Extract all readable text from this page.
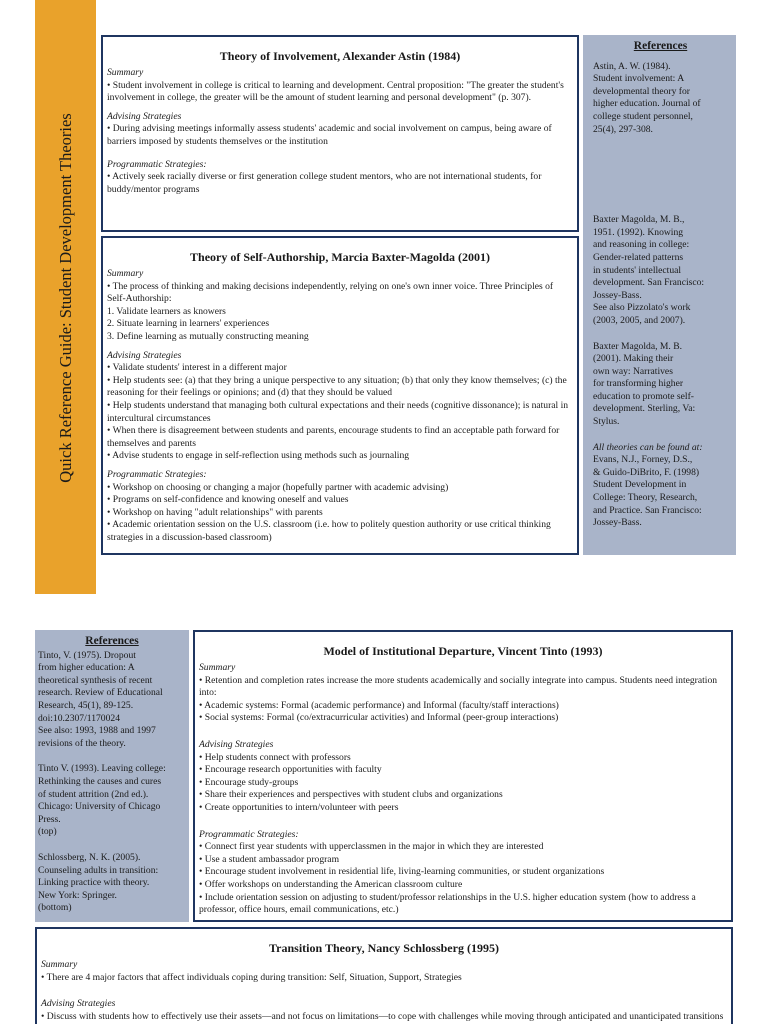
Quick Reference Guide: Student Development Theories
Theory of Involvement, Alexander Astin (1984)
Summary
• Student involvement in college is critical to learning and development. Central proposition: "The greater the student's involvement in college, the greater will be the amount of student learning and personal development" (p. 307).
Advising Strategies
• During advising meetings informally assess students' academic and social involvement on campus, being aware of barriers imposed by students themselves or the institution
Programmatic Strategies:
• Actively seek racially diverse or first generation college student mentors, who are not international students, for buddy/mentor programs
Theory of Self-Authorship, Marcia Baxter-Magolda (2001)
Summary
• The process of thinking and making decisions independently, relying on one's own inner voice. Three Principles of Self-Authorship:
1. Validate learners as knowers
2. Situate learning in learners' experiences
3. Define learning as mutually constructing meaning
Advising Strategies
• Validate students' interest in a different major
• Help students see: (a) that they bring a unique perspective to any situation; (b) that only they know themselves; (c) the reasoning for their feelings or opinions; and (d) that they should be valued
• Help students understand that managing both cultural expectations and their needs (cognitive dissonance); is natural in intercultural circumstances
• When there is disagreement between students and parents, encourage students to find an acceptable path forward for themselves and parents
• Advise students to engage in self-reflection using methods such as journaling
Programmatic Strategies:
• Workshop on choosing or changing a major (hopefully partner with academic advising)
• Programs on self-confidence and knowing oneself and values
• Workshop on having "adult relationships" with parents
• Academic orientation session on the U.S. classroom (i.e. how to politely question authority or use critical thinking strategies in a discussion-based classroom)
References
Astin, A. W. (1984).
Student involvement: A
developmental theory for
higher education. Journal of
college student personnel,
25(4), 297-308.
Baxter Magolda, M. B.,
1951. (1992). Knowing
and reasoning in college:
Gender-related patterns
in students' intellectual
development. San Francisco:
Jossey-Bass.
See also Pizzolato's work
(2003, 2005, and 2007).
Baxter Magolda, M. B.
(2001). Making their
own way: Narratives
for transforming higher
education to promote self-
development. Sterling, Va:
Stylus.
All theories can be found at:
Evans, N.J., Forney, D.S.,
& Guido-DiBrito, F. (1998)
Student Development in
College: Theory, Research,
and Practice. San Francisco:
Jossey-Bass.
References
Tinto, V. (1975). Dropout
from higher education: A
theoretical synthesis of recent
research. Review of Educational
Research, 45(1), 89-125.
doi:10.2307/1170024
See also: 1993, 1988 and 1997
revisions of the theory.
Tinto V. (1993). Leaving college:
Rethinking the causes and cures
of student attrition (2nd ed.).
Chicago: University of Chicago
Press.
(top)
Schlossberg, N. K. (2005).
Counseling adults in transition:
Linking practice with theory.
New York: Springer.
(bottom)
Model of Institutional Departure, Vincent Tinto (1993)
Summary
• Retention and completion rates increase the more students academically and socially integrate into campus. Students need integration into:
• Academic systems: Formal (academic performance) and Informal (faculty/staff interactions)
• Social systems: Formal (co/extracurricular activities) and Informal (peer-group interactions)
Advising Strategies
• Help students connect with professors
• Encourage research opportunities with faculty
• Encourage study-groups
• Share their experiences and perspectives with student clubs and organizations
• Create opportunities to intern/volunteer with peers
Programmatic Strategies:
• Connect first year students with upperclassmen in the major in which they are interested
• Use a student ambassador program
• Encourage student involvement in residential life, living-learning communities, or student organizations
• Offer workshops on understanding the American classroom culture
• Include orientation session on adjusting to student/professor relationships in the U.S. higher education system (how to address a professor, office hours, email communications, etc.)
Transition Theory, Nancy Schlossberg (1995)
Summary
• There are 4 major factors that affect individuals coping during transition: Self, Situation, Support, Strategies
Advising Strategies
• Discuss with students how to effectively use their assets—and not focus on limitations—to cope with challenges while moving through anticipated and unanticipated transitions
